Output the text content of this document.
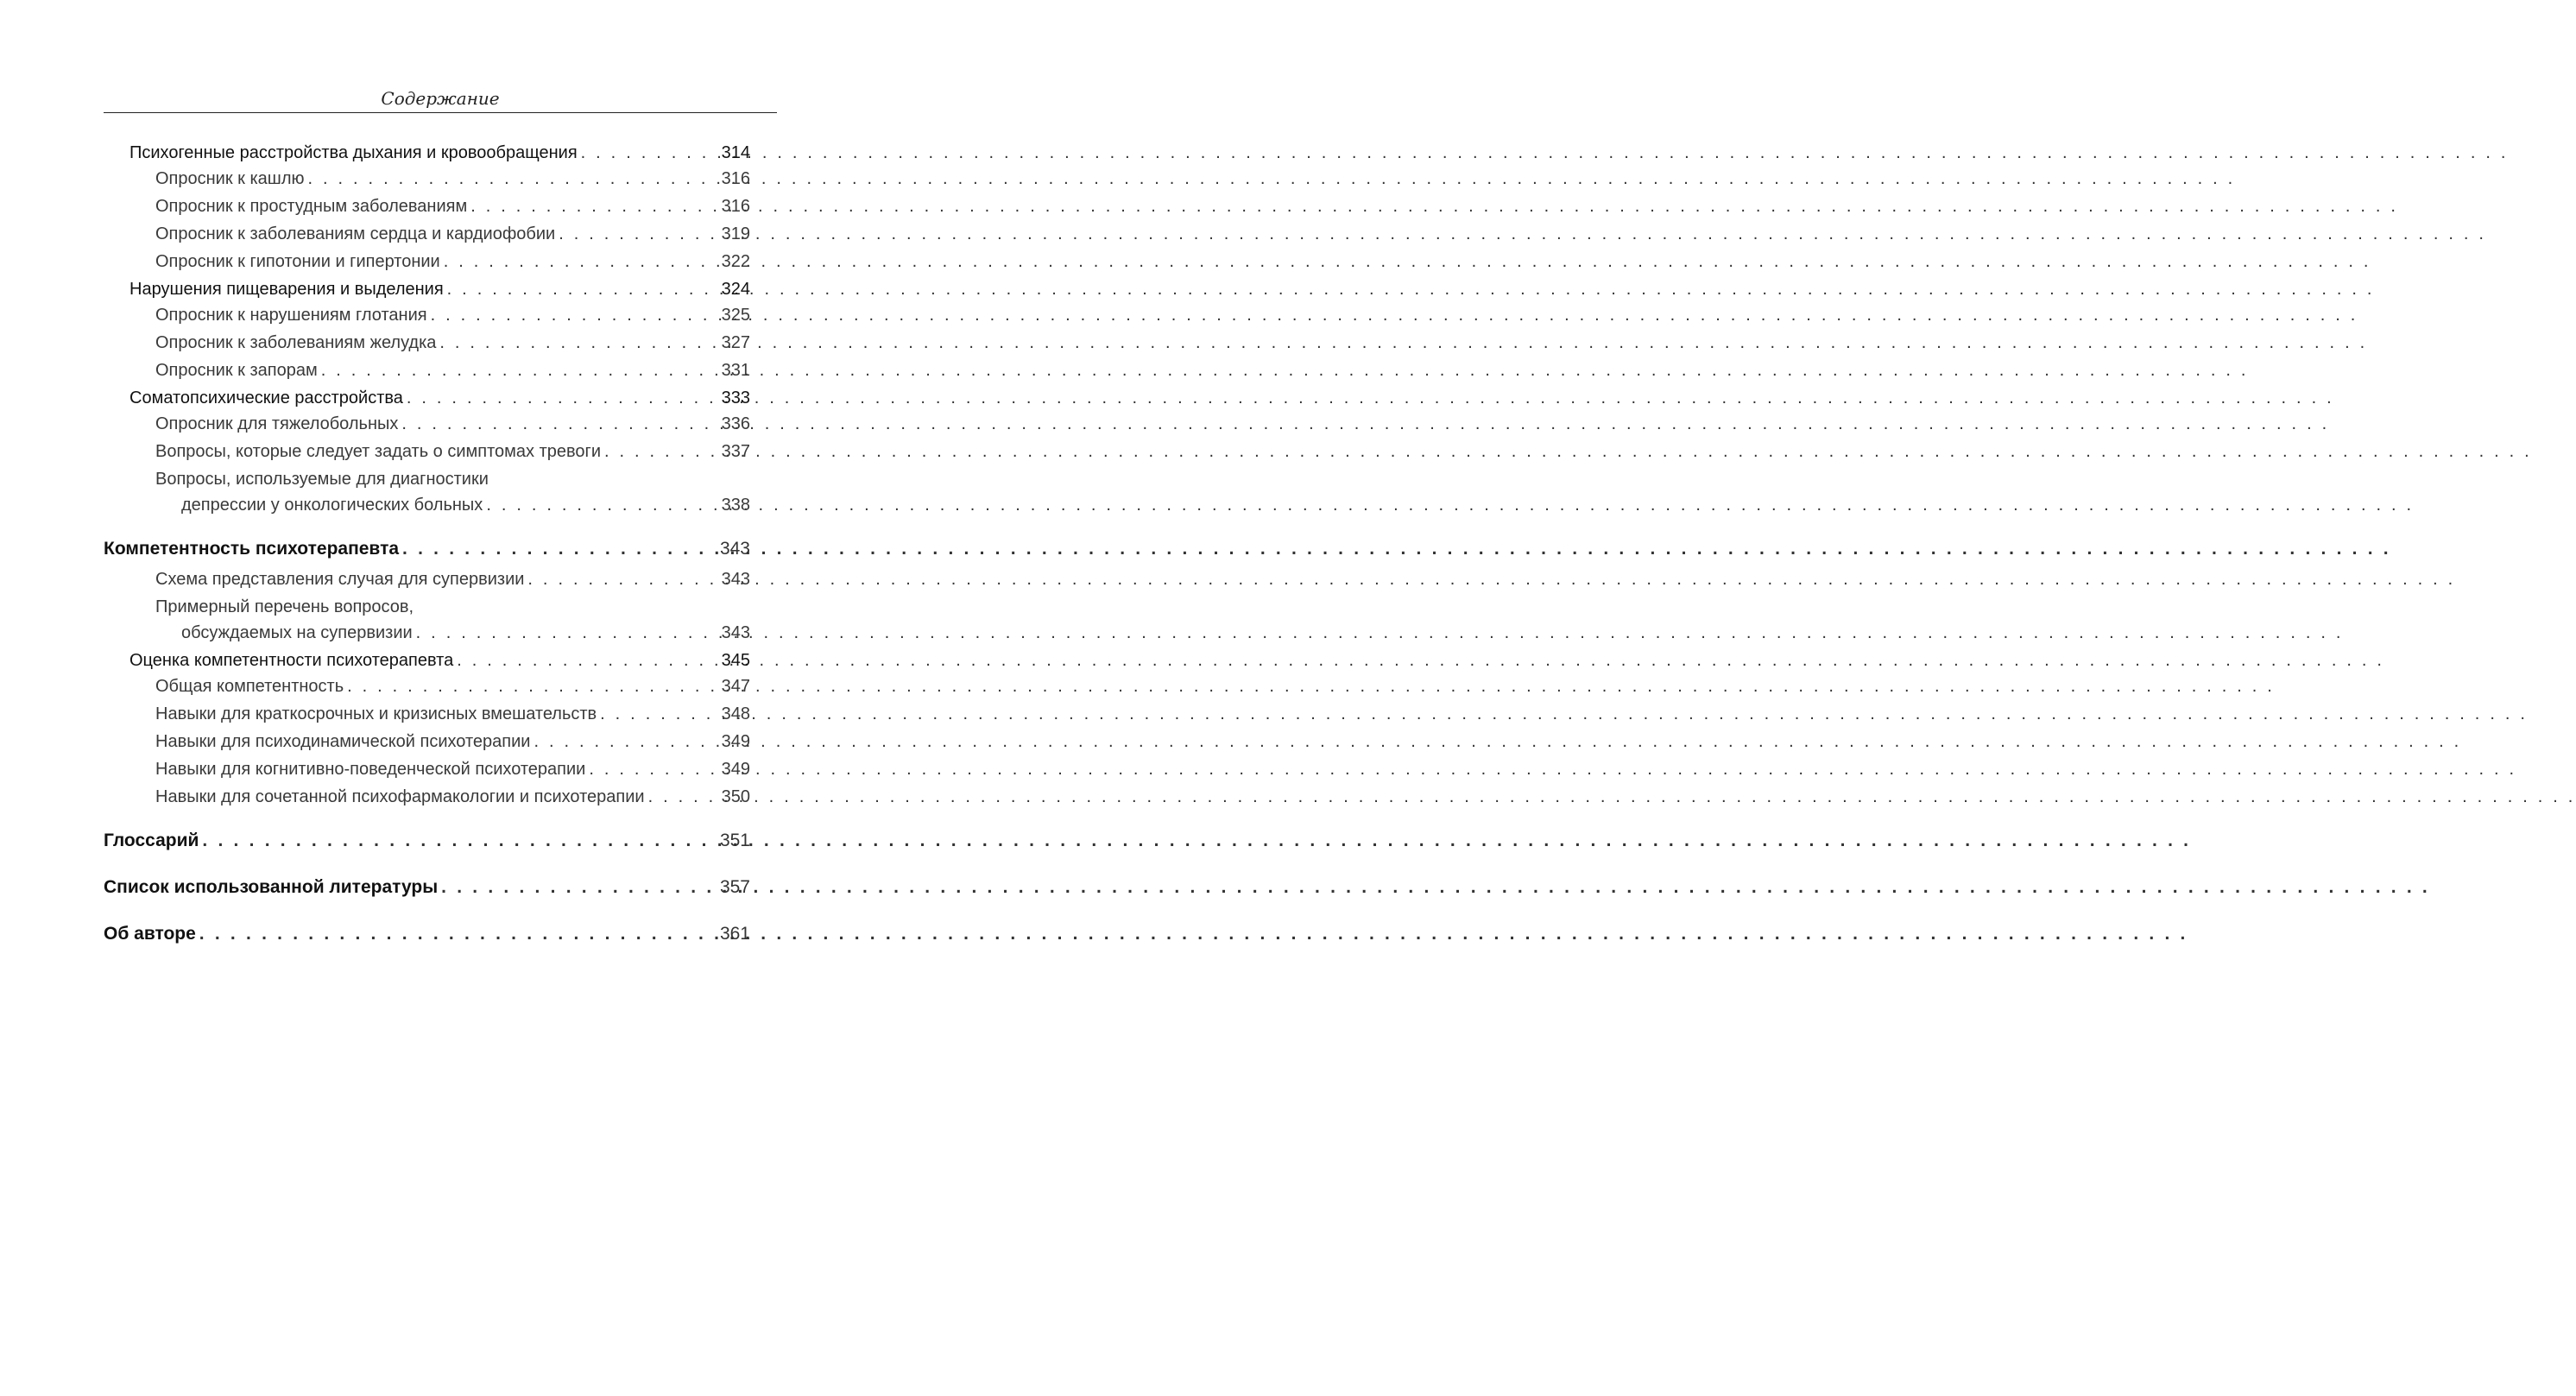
Содержание
Психогенные расстройства дыхания и кровообращения . . .	314
Опросник к кашлю . . .	316
Опросник к простудным заболеваниям . . .	316
Опросник к заболеваниям сердца и кардиофобии . . .	319
Опросник к гипотонии и гипертонии . . .	322
Нарушения пищеварения и выделения . . .	324
Опросник к нарушениям глотания . . .	325
Опросник к заболеваниям желудка . . .	327
Опросник к запорам . . .	331
Соматопсихические расстройства . . .	333
Опросник для тяжелобольных . . .	336
Вопросы, которые следует задать о симптомах тревоги . . .	337
Вопросы, используемые для диагностики
депрессии у онкологических больных . . .	338
Компетентность психотерапевта . . .	343
Схема представления случая для супервизии . . .	343
Примерный перечень вопросов,
обсуждаемых на супервизии . . .	343
Оценка компетентности психотерапевта . . .	345
Общая компетентность . . .	347
Навыки для краткосрочных и кризисных вмешательств . . .	348
Навыки для психодинамической психотерапии . . .	349
Навыки для когнитивно-поведенческой психотерапии . . .	349
Навыки для сочетанной психофармакологии и психотерапии . . .	350
Глоссарий . . .	351
Список использованной литературы . . .	357
Об авторе . . .	361
